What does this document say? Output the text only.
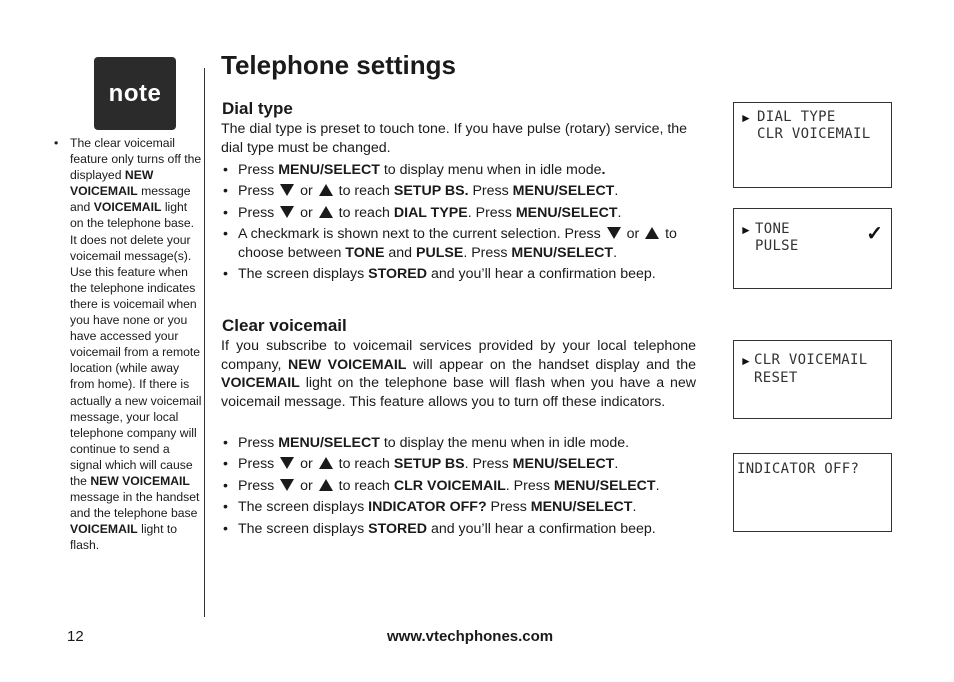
note
• The clear voicemail feature only turns off the displayed NEW VOICEMAIL message and VOICEMAIL light on the telephone base. It does not delete your voicemail message(s). Use this feature when the telephone indicates there is voicemail when you have none or you have accessed your voicemail from a remote location (while away from home). If there is actually a new voicemail message, your local telephone company will continue to send a signal which will cause the NEW VOICEMAIL message in the handset and the telephone base VOICEMAIL light to flash.
Telephone settings
Dial type

The dial type is preset to touch tone. If you have pulse (rotary) service, the dial type must be changed.

• Press MENU/SELECT to display menu when in idle mode.
• Press  or  to reach SETUP BS. Press MENU/SELECT.
• Press  or  to reach DIAL TYPE. Press MENU/SELECT.
• A checkmark is shown next to the current selection. Press  or  to choose between TONE and PULSE. Press MENU/SELECT.
• The screen displays STORED and you’ll hear a confirmation beep.
Clear voicemail

If you subscribe to voicemail services provided by your local telephone company, NEW VOICEMAIL will appear on the handset display and the VOICEMAIL light on the telephone base will flash when you have a new voicemail message. This feature allows you to turn off these indicators.

• Press MENU/SELECT to display the menu when in idle mode.
• Press  or  to reach SETUP BS. Press MENU/SELECT.
• Press  or  to reach CLR VOICEMAIL. Press MENU/SELECT.
• The screen displays INDICATOR OFF? Press MENU/SELECT.
• The screen displays STORED and you’ll hear a confirmation beep.
► DIAL TYPE
CLR VOICEMAIL
► TONE
PULSE
✓
► CLR VOICEMAIL
RESET
INDICATOR OFF?
12	www.vtechphones.com
